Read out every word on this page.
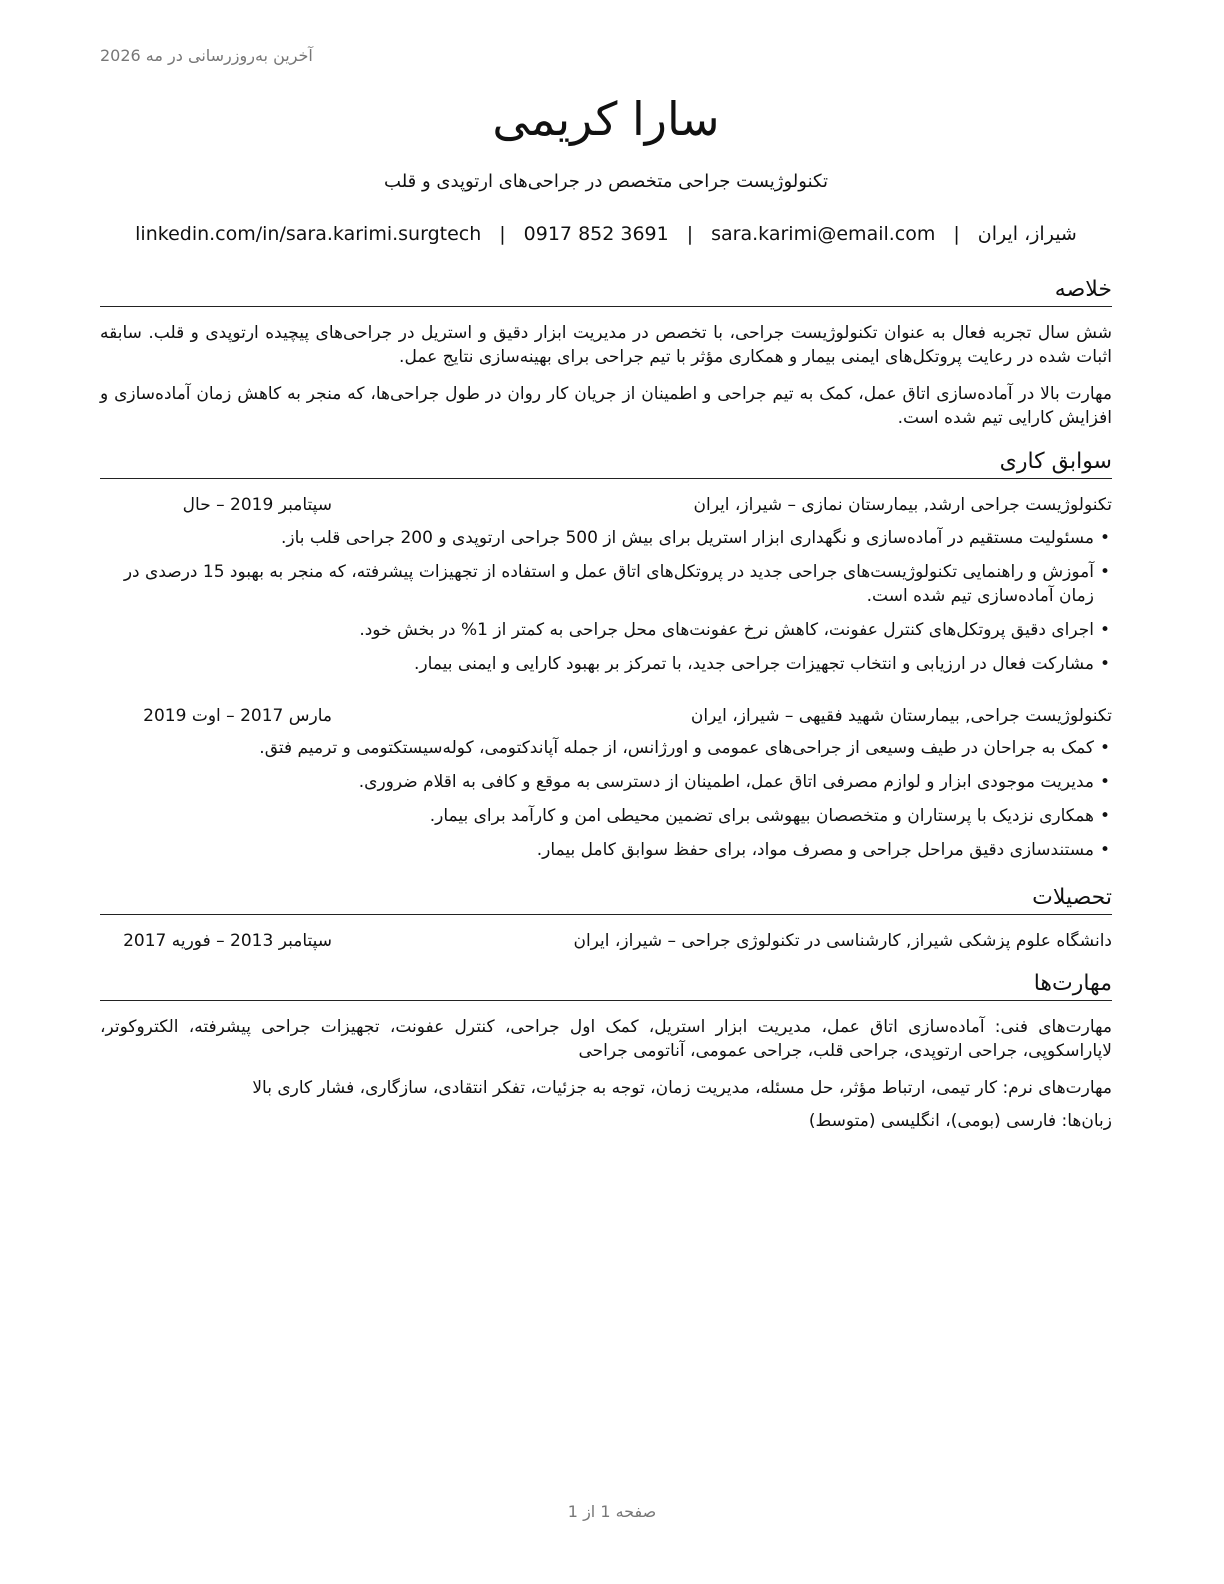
آخرین به‌روزرسانی در مه 2026
سارا کریمی
تکنولوژیست جراحی متخصص در جراحی‌های ارتوپدی و قلب
شیراز، ایران|sara.karimi@email.com|0917 852 3691|linkedin.com/in/sara.karimi.surgtech
خلاصه
شش سال تجربه فعال به عنوان تکنولوژیست جراحی، با تخصص در مدیریت ابزار دقیق و استریل در جراحی‌های پیچیده ارتوپدی و قلب. سابقه اثبات شده در رعایت پروتکل‌های ایمنی بیمار و همکاری مؤثر با تیم جراحی برای بهینه‌سازی نتایج عمل.
مهارت بالا در آماده‌سازی اتاق عمل، کمک به تیم جراحی و اطمینان از جریان کار روان در طول جراحی‌ها، که منجر به کاهش زمان آماده‌سازی و افزایش کارایی تیم شده است.
سوابق کاری
تکنولوژیست جراحی ارشد, بیمارستان نمازی – شیراز، ایران
سپتامبر 2019 – حال
• مسئولیت مستقیم در آماده‌سازی و نگهداری ابزار استریل برای بیش از 500 جراحی ارتوپدی و 200 جراحی قلب باز.
• آموزش و راهنمایی تکنولوژیست‌های جراحی جدید در پروتکل‌های اتاق عمل و استفاده از تجهیزات پیشرفته، که منجر به بهبود 15 درصدی در زمان آماده‌سازی تیم شده است.
• اجرای دقیق پروتکل‌های کنترل عفونت، کاهش نرخ عفونت‌های محل جراحی به کمتر از 1% در بخش خود.
• مشارکت فعال در ارزیابی و انتخاب تجهیزات جراحی جدید، با تمرکز بر بهبود کارایی و ایمنی بیمار.
تکنولوژیست جراحی, بیمارستان شهید فقیهی – شیراز، ایران
مارس 2017 – اوت 2019
• کمک به جراحان در طیف وسیعی از جراحی‌های عمومی و اورژانس، از جمله آپاندکتومی، کوله‌سیستکتومی و ترمیم فتق.
• مدیریت موجودی ابزار و لوازم مصرفی اتاق عمل، اطمینان از دسترسی به موقع و کافی به اقلام ضروری.
• همکاری نزدیک با پرستاران و متخصصان بیهوشی برای تضمین محیطی امن و کارآمد برای بیمار.
• مستندسازی دقیق مراحل جراحی و مصرف مواد، برای حفظ سوابق کامل بیمار.
تحصیلات
دانشگاه علوم پزشکی شیراز, کارشناسی در تکنولوژی جراحی – شیراز، ایران
سپتامبر 2013 – فوریه 2017
مهارت‌ها
مهارت‌های فنی: آماده‌سازی اتاق عمل، مدیریت ابزار استریل، کمک اول جراحی، کنترل عفونت، تجهیزات جراحی پیشرفته، الکتروکوتر، لاپاراسکوپی، جراحی ارتوپدی، جراحی قلب، جراحی عمومی، آناتومی جراحی
مهارت‌های نرم: کار تیمی، ارتباط مؤثر، حل مسئله، مدیریت زمان، توجه به جزئیات، تفکر انتقادی، سازگاری، فشار کاری بالا
زبان‌ها: فارسی (بومی)، انگلیسی (متوسط)
صفحه 1 از 1
